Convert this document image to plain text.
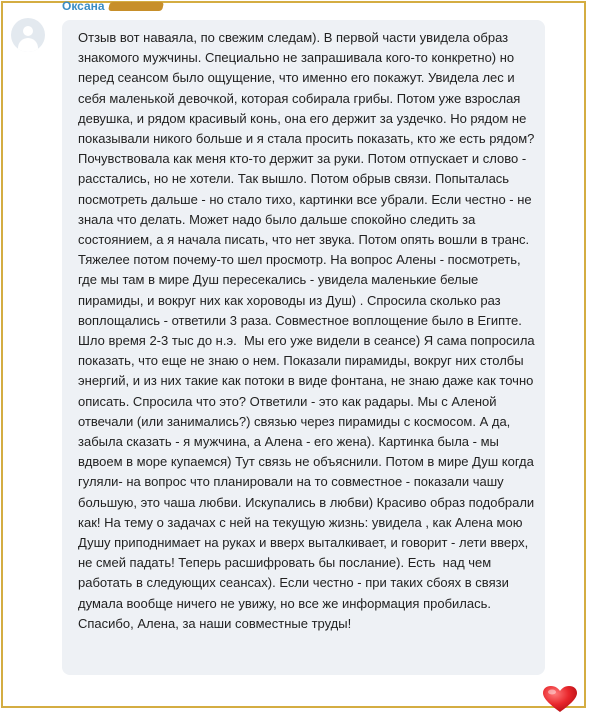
Оксана

Отзыв вот наваяла, по свежим следам). В первой части увидела образ знакомого мужчины. Специально не запрашивала кого-то конкретно) но перед сеансом было ощущение, что именно его покажут. Увидела лес и себя маленькой девочкой, которая собирала грибы. Потом уже взрослая девушка, и рядом красивый конь, она его держит за уздечко. Но рядом не показывали никого больше и я стала просить показать, кто же есть рядом? Почувствовала как меня кто-то держит за руки. Потом отпускает и слово - расстались, но не хотели. Так вышло. Потом обрыв связи. Попыталась посмотреть дальше - но стало тихо, картинки все убрали. Если честно - не знала что делать. Может надо было дальше спокойно следить за состоянием, а я начала писать, что нет звука. Потом опять вошли в транс. Тяжелее потом почему-то шел просмотр. На вопрос Алены - посмотреть, где мы там в мире Душ пересекались - увидела маленькие белые пирамиды, и вокруг них как хороводы из Душ) . Спросила сколько раз воплощались - ответили 3 раза. Совместное воплощение было в Египте. Шло время 2-3 тыс до н.э.  Мы его уже видели в сеансе) Я сама попросила показать, что еще не знаю о нем. Показали пирамиды, вокруг них столбы энергий, и из них такие как потоки в виде фонтана, не знаю даже как точно описать. Спросила что это? Ответили - это как радары. Мы с Аленой отвечали (или занимались?) связью через пирамиды с космосом. А да, забыла сказать - я мужчина, а Алена - его жена). Картинка была - мы вдвоем в море купаемся) Тут связь не объяснили. Потом в мире Душ когда гуляли- на вопрос что планировали на то совместное - показали чашу большую, это чаша любви. Искупались в любви) Красиво образ подобрали как! На тему о задачах с ней на текущую жизнь: увидела , как Алена мою Душу приподнимает на руках и вверх выталкивает, и говорит - лети вверх, не смей падать! Теперь расшифровать бы послание). Есть  над чем работать в следующих сеансах). Если честно - при таких сбоях в связи думала вообще ничего не увижу, но все же информация пробилась. Спасибо, Алена, за наши совместные труды!
